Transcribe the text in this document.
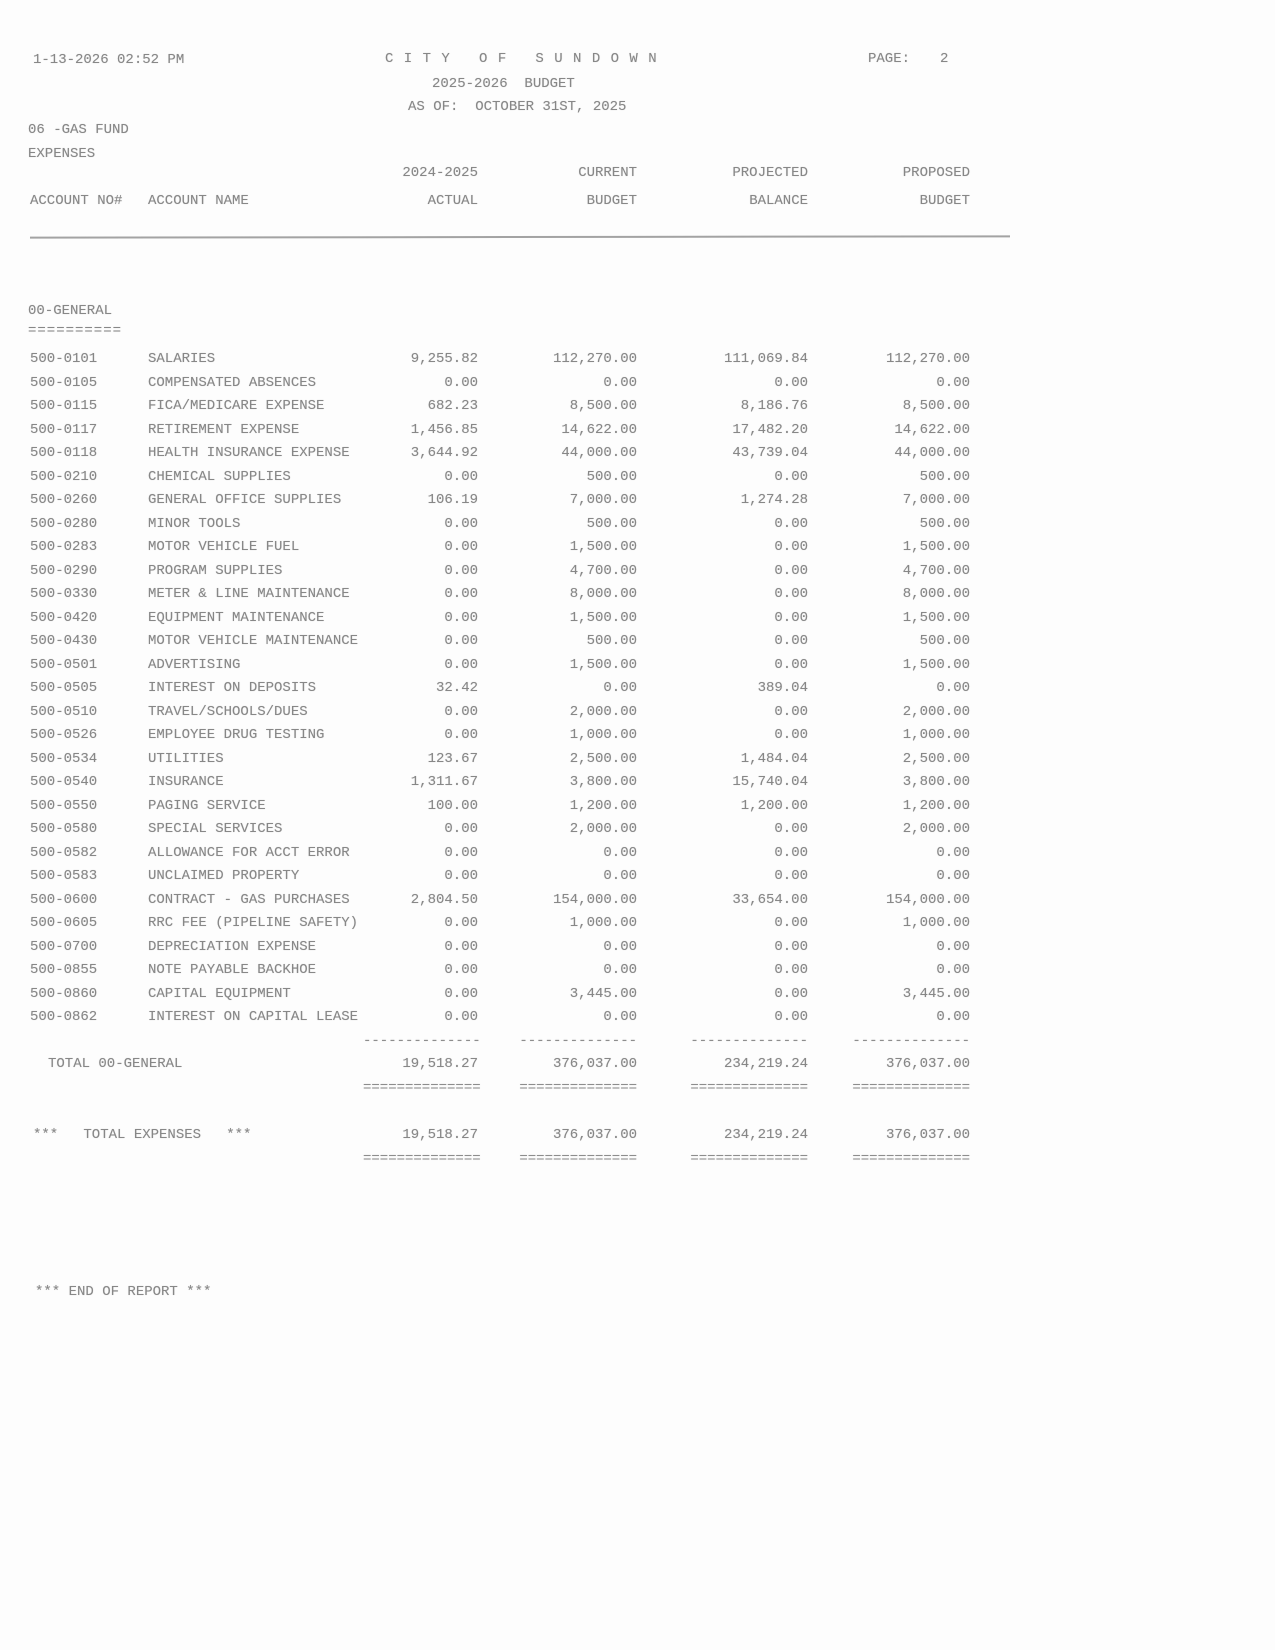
1-13-2026 02:52 PM	C I T Y   O F   S U N D O W N	PAGE: 2
2025-2026  BUDGET
AS OF:  OCTOBER 31ST, 2025
06 -GAS FUND
EXPENSES
2024-2025	CURRENT	PROJECTED	PROPOSED
ACCOUNT NO#	ACCOUNT NAME	ACTUAL	BUDGET	BALANCE	BUDGET
00-GENERAL
==========
500-0101	SALARIES	9,255.82	112,270.00	111,069.84	112,270.00
500-0105	COMPENSATED ABSENCES	0.00	0.00	0.00	0.00
500-0115	FICA/MEDICARE EXPENSE	682.23	8,500.00	8,186.76	8,500.00
500-0117	RETIREMENT EXPENSE	1,456.85	14,622.00	17,482.20	14,622.00
500-0118	HEALTH INSURANCE EXPENSE	3,644.92	44,000.00	43,739.04	44,000.00
500-0210	CHEMICAL SUPPLIES	0.00	500.00	0.00	500.00
500-0260	GENERAL OFFICE SUPPLIES	106.19	7,000.00	1,274.28	7,000.00
500-0280	MINOR TOOLS	0.00	500.00	0.00	500.00
500-0283	MOTOR VEHICLE FUEL	0.00	1,500.00	0.00	1,500.00
500-0290	PROGRAM SUPPLIES	0.00	4,700.00	0.00	4,700.00
500-0330	METER & LINE MAINTENANCE	0.00	8,000.00	0.00	8,000.00
500-0420	EQUIPMENT MAINTENANCE	0.00	1,500.00	0.00	1,500.00
500-0430	MOTOR VEHICLE MAINTENANCE	0.00	500.00	0.00	500.00
500-0501	ADVERTISING	0.00	1,500.00	0.00	1,500.00
500-0505	INTEREST ON DEPOSITS	32.42	0.00	389.04	0.00
500-0510	TRAVEL/SCHOOLS/DUES	0.00	2,000.00	0.00	2,000.00
500-0526	EMPLOYEE DRUG TESTING	0.00	1,000.00	0.00	1,000.00
500-0534	UTILITIES	123.67	2,500.00	1,484.04	2,500.00
500-0540	INSURANCE	1,311.67	3,800.00	15,740.04	3,800.00
500-0550	PAGING SERVICE	100.00	1,200.00	1,200.00	1,200.00
500-0580	SPECIAL SERVICES	0.00	2,000.00	0.00	2,000.00
500-0582	ALLOWANCE FOR ACCT ERROR	0.00	0.00	0.00	0.00
500-0583	UNCLAIMED PROPERTY	0.00	0.00	0.00	0.00
500-0600	CONTRACT - GAS PURCHASES	2,804.50	154,000.00	33,654.00	154,000.00
500-0605	RRC FEE (PIPELINE SAFETY)	0.00	1,000.00	0.00	1,000.00
500-0700	DEPRECIATION EXPENSE	0.00	0.00	0.00	0.00
500-0855	NOTE PAYABLE BACKHOE	0.00	0.00	0.00	0.00
500-0860	CAPITAL EQUIPMENT	0.00	3,445.00	0.00	3,445.00
500-0862	INTEREST ON CAPITAL LEASE	0.00	0.00	0.00	0.00
--------------	--------------	--------------	--------------
TOTAL 00-GENERAL	19,518.27	376,037.00	234,219.24	376,037.00
==============	==============	==============	==============
***   TOTAL EXPENSES   ***	19,518.27	376,037.00	234,219.24	376,037.00
==============	==============	==============	==============
*** END OF REPORT ***
